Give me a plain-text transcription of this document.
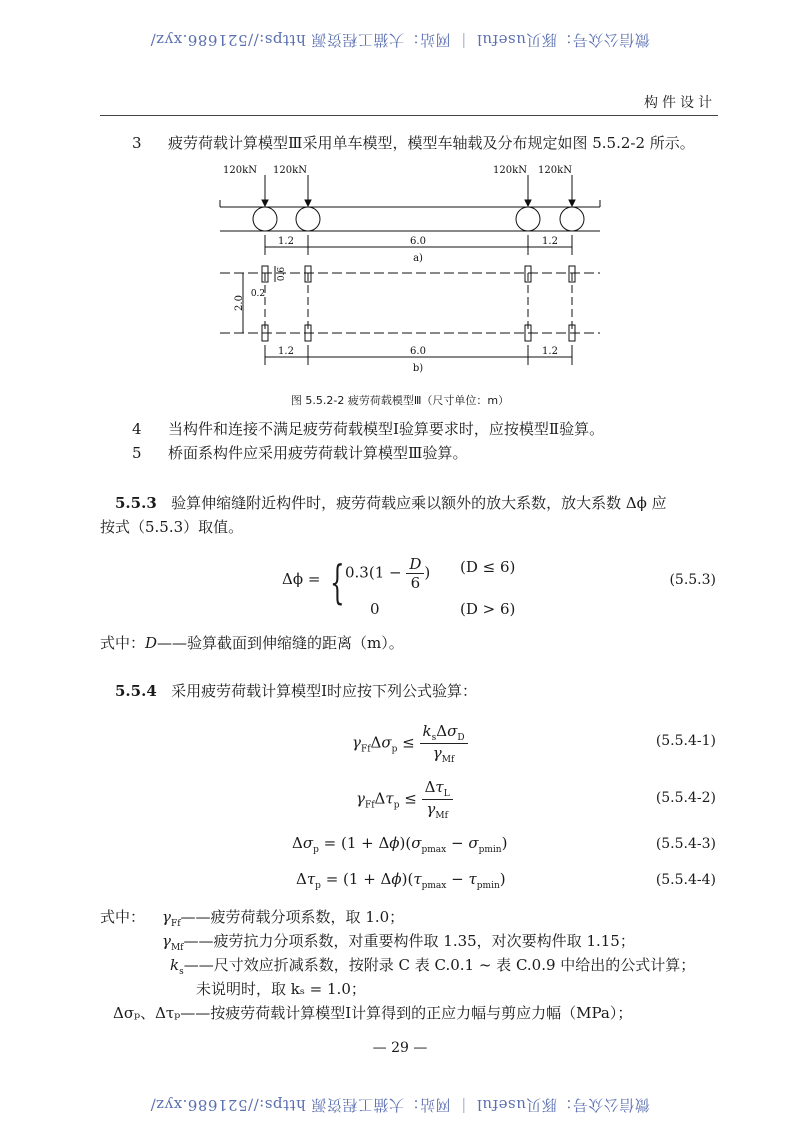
微信公众号：豚贝useful ｜ 网站：大猫工程资源 https://521686.xyz/
微信公众号：豚贝useful ｜ 网站：大猫工程资源 https://521686.xyz/
构件设计
3 疲劳荷载计算模型Ⅲ采用单车模型，模型车轴载及分布规定如图 5.5.2-2 所示。
120kN 120kN	120kN 120kN
1.2	6.0	1.2
a)
1.2	6.0	1.2
b)
2.0
0.6
0.2
图 5.5.2-2 疲劳荷载模型Ⅲ（尺寸单位：m）
4 当构件和连接不满足疲劳荷载模型Ⅰ验算要求时，应按模型Ⅱ验算。
5 桥面系构件应采用疲劳荷载计算模型Ⅲ验算。
5.5.3 验算伸缩缝附近构件时，疲劳荷载应乘以额外的放大系数，放大系数 Δϕ 应
按式（5.5.3）取值。
Δϕ = { $0.3(1 - \frac{D}{6}$ ) (D ≤ 6)
0	(D > 6)
(5.5.3)
式中：D——验算截面到伸缩缝的距离（m）。
5.5.4 采用疲劳荷载计算模型Ⅰ时应按下列公式验算：
$\gamma_{Ff}\Delta\sigma_p \le \frac{k_s\Delta\sigma_D}{\gamma_{Mf}}$	(5.5.4-1)
$\gamma_{Ff}\Delta\tau_p \le \frac{\Delta\tau_L}{\gamma_{Mf}}$	(5.5.4-2)
$\Delta\sigma_p = (1 + \Delta\phi)(\sigma_{pmax} - \sigma_{pmin})$	(5.5.4-3)
$\Delta\tau_p = (1 + \Delta\phi)(\tau_{pmax} - \tau_{pmin})$	(5.5.4-4)
式中： $\gamma_{Ff}——$疲劳荷载分项系数，取 1.0；
$\gamma_{Mf}——$疲劳抗力分项系数，对重要构件取 1.35，对次要构件取 1.15；
$k_s——$尺寸效应折减系数，按附录 C 表 C.0.1 ~ 表 C.0.9 中给出的公式计算；
未说明时，取 kₛ = 1.0；
Δσₚ、Δτₚ——按疲劳荷载计算模型Ⅰ计算得到的正应力幅与剪应力幅（MPa）；
— 29 —
